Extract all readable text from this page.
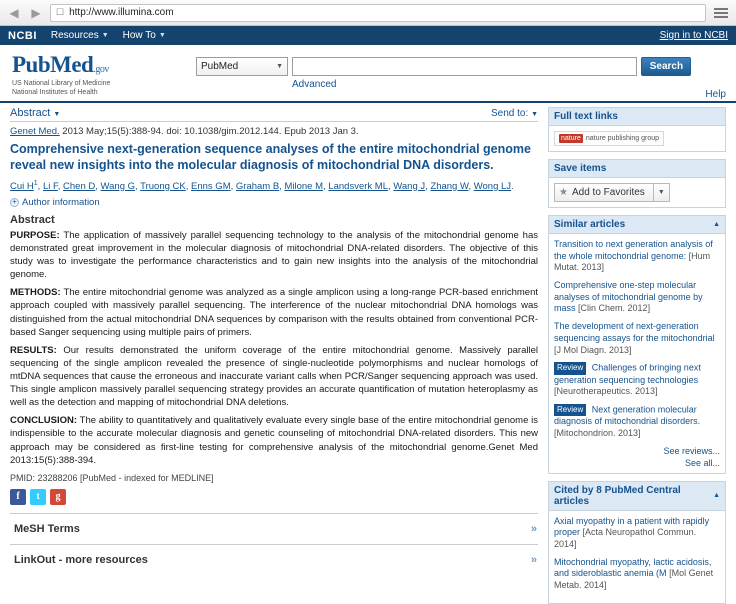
◀ ▶	☐ http://www.illumina.com
NCBI Resources ▼ How To ▼	Sign in to NCBI
PubMed.gov
US National Library of Medicine
National Institutes of Health
PubMed	▼	Search
Advanced
Help
Abstract ▼	Send to: ▼
Genet Med. 2013 May;15(5):388-94. doi: 10.1038/gim.2012.144. Epub 2013 Jan 3.
Comprehensive next-generation sequence analyses of the entire mitochondrial genome reveal new insights into the molecular diagnosis of mitochondrial DNA disorders.
Cui $H^1$, Li F, Chen D, Wang G, Truong CK, Enns GM, Graham B, Milone M, Landsverk ML, Wang J, Zhang W, Wong LJ.
+ Author information
Abstract
PURPOSE: The application of massively parallel sequencing technology to the analysis of the mitochondrial genome has demonstrated great improvement in the molecular diagnosis of mitochondrial DNA-related disorders. The objective of this study was to investigate the performance characteristics and to gain new insights into the analysis of the mitochondrial genome.
METHODS: The entire mitochondrial genome was analyzed as a single amplicon using a long-range PCR-based enrichment approach coupled with massively parallel sequencing. The interference of the nuclear mitochondrial DNA homologs was distinguished from the actual mitochondrial DNA sequences by comparison with the results obtained from conventional PCR-based Sanger sequencing using multiple pairs of primers.
RESULTS: Our results demonstrated the uniform coverage of the entire mitochondrial genome. Massively parallel sequencing of the single amplicon revealed the presence of single-nucleotide polymorphisms and nuclear homologs of mtDNA sequences that cause the erroneous and inaccurate variant calls when PCR/Sanger sequencing approach was used. This single amplicon massively parallel sequencing strategy provides an accurate quantification of mutation heteroplasmy as well as the detection and mapping of mitochondrial DNA deletions.
CONCLUSION: The ability to quantitatively and qualitatively evaluate every single base of the entire mitochondrial genome is indispensible to the accurate molecular diagnosis and genetic counseling of mitochondrial DNA-related disorders. This new approach may be considered as first-line testing for comprehensive analysis of the mitochondrial genome.Genet Med 2013:15(5):388-394.
PMID: 23288206 [PubMed - indexed for MEDLINE]
f	t	g
MeSH Terms	»
LinkOut - more resources	»
Full text links
nature nature publishing group
Save items
★ Add to Favorites	▼
Similar articles	▲
Transition to next generation analysis of the whole mitochondrial genome: [Hum Mutat. 2013]
Comprehensive one-step molecular analyses of mitochondrial genome by mass [Clin Chem. 2012]
The development of next-generation sequencing assays for the mitochondrial [J Mol Diagn. 2013]
Review Challenges of bringing next generation sequencing technologies [Neurotherapeutics. 2013]
Review Next generation molecular diagnosis of mitochondrial disorders. [Mitochondrion. 2013]
See reviews...
See all...
Cited by 8 PubMed Central articles	▲
Axial myopathy in a patient with rapidly proper [Acta Neuropathol Commun. 2014]
Mitochondrial myopathy, lactic acidosis, and sideroblastic anemia (M [Mol Genet Metab. 2014]
